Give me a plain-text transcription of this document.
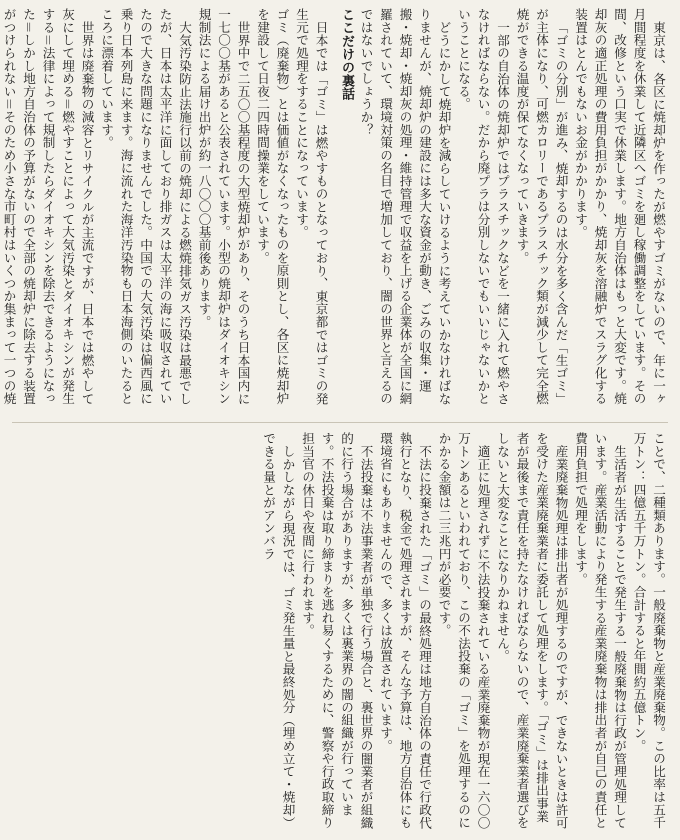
東京は、各区に焼却炉を作ったが燃やすゴミがないので、年に一ヶ月間程度を休業して近隣区へゴミを廻し稼働調整をしています。その間、改修という口実で休業します。地方自治体はもっと大変です。焼却灰の適正処理の費用負担がかかり、焼却灰を溶融炉でスラグ化する装置はとんでもないお金がかかります。

「ゴミの分別」が進み、焼却するのは水分を多く含んだ「生ゴミ」が主体になり、可燃カロリーであるプラスチック類が減少して完全燃焼ができる温度が保てなくなっていきます。

一部の自治体の焼却炉ではプラスチックなどを一緒に入れて燃やさなければならない。だから廃プラは分別しないでもいいじゃないかということになる。

どうにかして焼却炉を減らしていけるように考えていかなければなりませんが、焼却炉の建設には多大な資金が動き、ごみの収集・運搬・焼却・焼却灰の処理・維持管理で収益を上げる企業体が全国に網羅されていて、環境対策の名目で増加しており、闇の世界と言えるのではないでしょうか？

ここだけの裏話

日本では「ゴミ」は燃やすものとなっており、東京都ではゴミの発生元で処理をすることになっています。

ゴミ（廃棄物）とは価値がなくなったものを原則とし、各区に焼却炉を建設して日夜二四時間操業をしています。

世界中で二五〇〇基程度の大型焼却炉があり、そのうち日本国内に一七〇〇基があると公表されています。小型の焼却炉はダイオキシン規制法による届け出炉が約一八〇〇〇基前後あります。

大気汚染防止法施行以前の焼却による燃焼排気ガス汚染は最悪でしたが、日本は太平洋に面しており排ガスは太平洋の海に吸収されていたので大きな問題になりませんでした。中国での大気汚染は偏西風に乗り日本列島に来ます。海に流れた海洋汚染物も日本海側のいたるところに漂着しています。

世界は廃棄物の減容とリサイクルが主流ですが、日本では燃やして灰にして埋める＝燃やすことによって大気汚染とダイオキシンが発生する＝法律によって規制したらダイオキシンを除去できるようになった＝しかし地方自治体の予算がないので全部の焼却炉に除去する装置がつけられない＝そのため小さな市町村はいくつか集まって一つの焼

ことで、二種類あります。一般廃棄物と産業廃棄物。この比率は五千万トン：四億五千万トン。合計すると年間約五億トン。

生活者が生活することで発生する一般廃棄物は行政が管理処理しています。産業活動により発生する産業廃棄物は排出者が自己の責任と費用負担で処理をします。

産業廃棄物処理は排出者が処理するのですが、できないときは許可を受けた産業廃棄業者に委託して処理をします。「ゴミ」は排出事業者が最後まで責任を持たなければならないので、産業廃棄業者選びをしないと大変なことになりかねません。

適正に処理されずに不法投棄されている産業廃棄物が現在一六〇〇万トンあるといわれており、この不法投棄の「ゴミ」を処理するのにかかる金額は二三兆円が必要です。

不法に投棄された「ゴミ」の最終処理は地方自治体の責任で行政代執行となり、税金で処理されますが、そんな予算は、地方自治体にも環境省にもありませんので、多くは放置されています。

不法投棄は不法事業者が単独で行う場合と、裏世界の闇業者が組織的に行う場合がありますが、多くは裏業界の闇の組織が行っています。不法投棄は取り締まりを逃れ易くするために、警察や行政取締り担当官の休日や夜間に行われます。

しかしながら現況では、ゴミ発生量と最終処分（埋め立て・焼却）できる量とがアンバラ
